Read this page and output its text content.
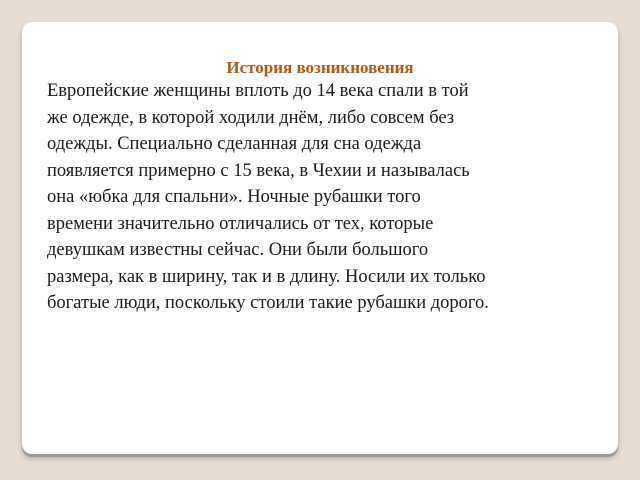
История возникновения
Европейские женщины вплоть до 14 века спали в той
же одежде, в которой ходили днём, либо совсем без
одежды. Специально сделанная для сна одежда
появляется примерно с 15 века, в Чехии и называлась
она «юбка для спальни». Ночные рубашки того
времени значительно отличались от тех, которые
девушкам известны сейчас. Они были большого
размера, как в ширину, так и в длину. Носили их только
богатые люди, поскольку стоили такие рубашки дорого.
